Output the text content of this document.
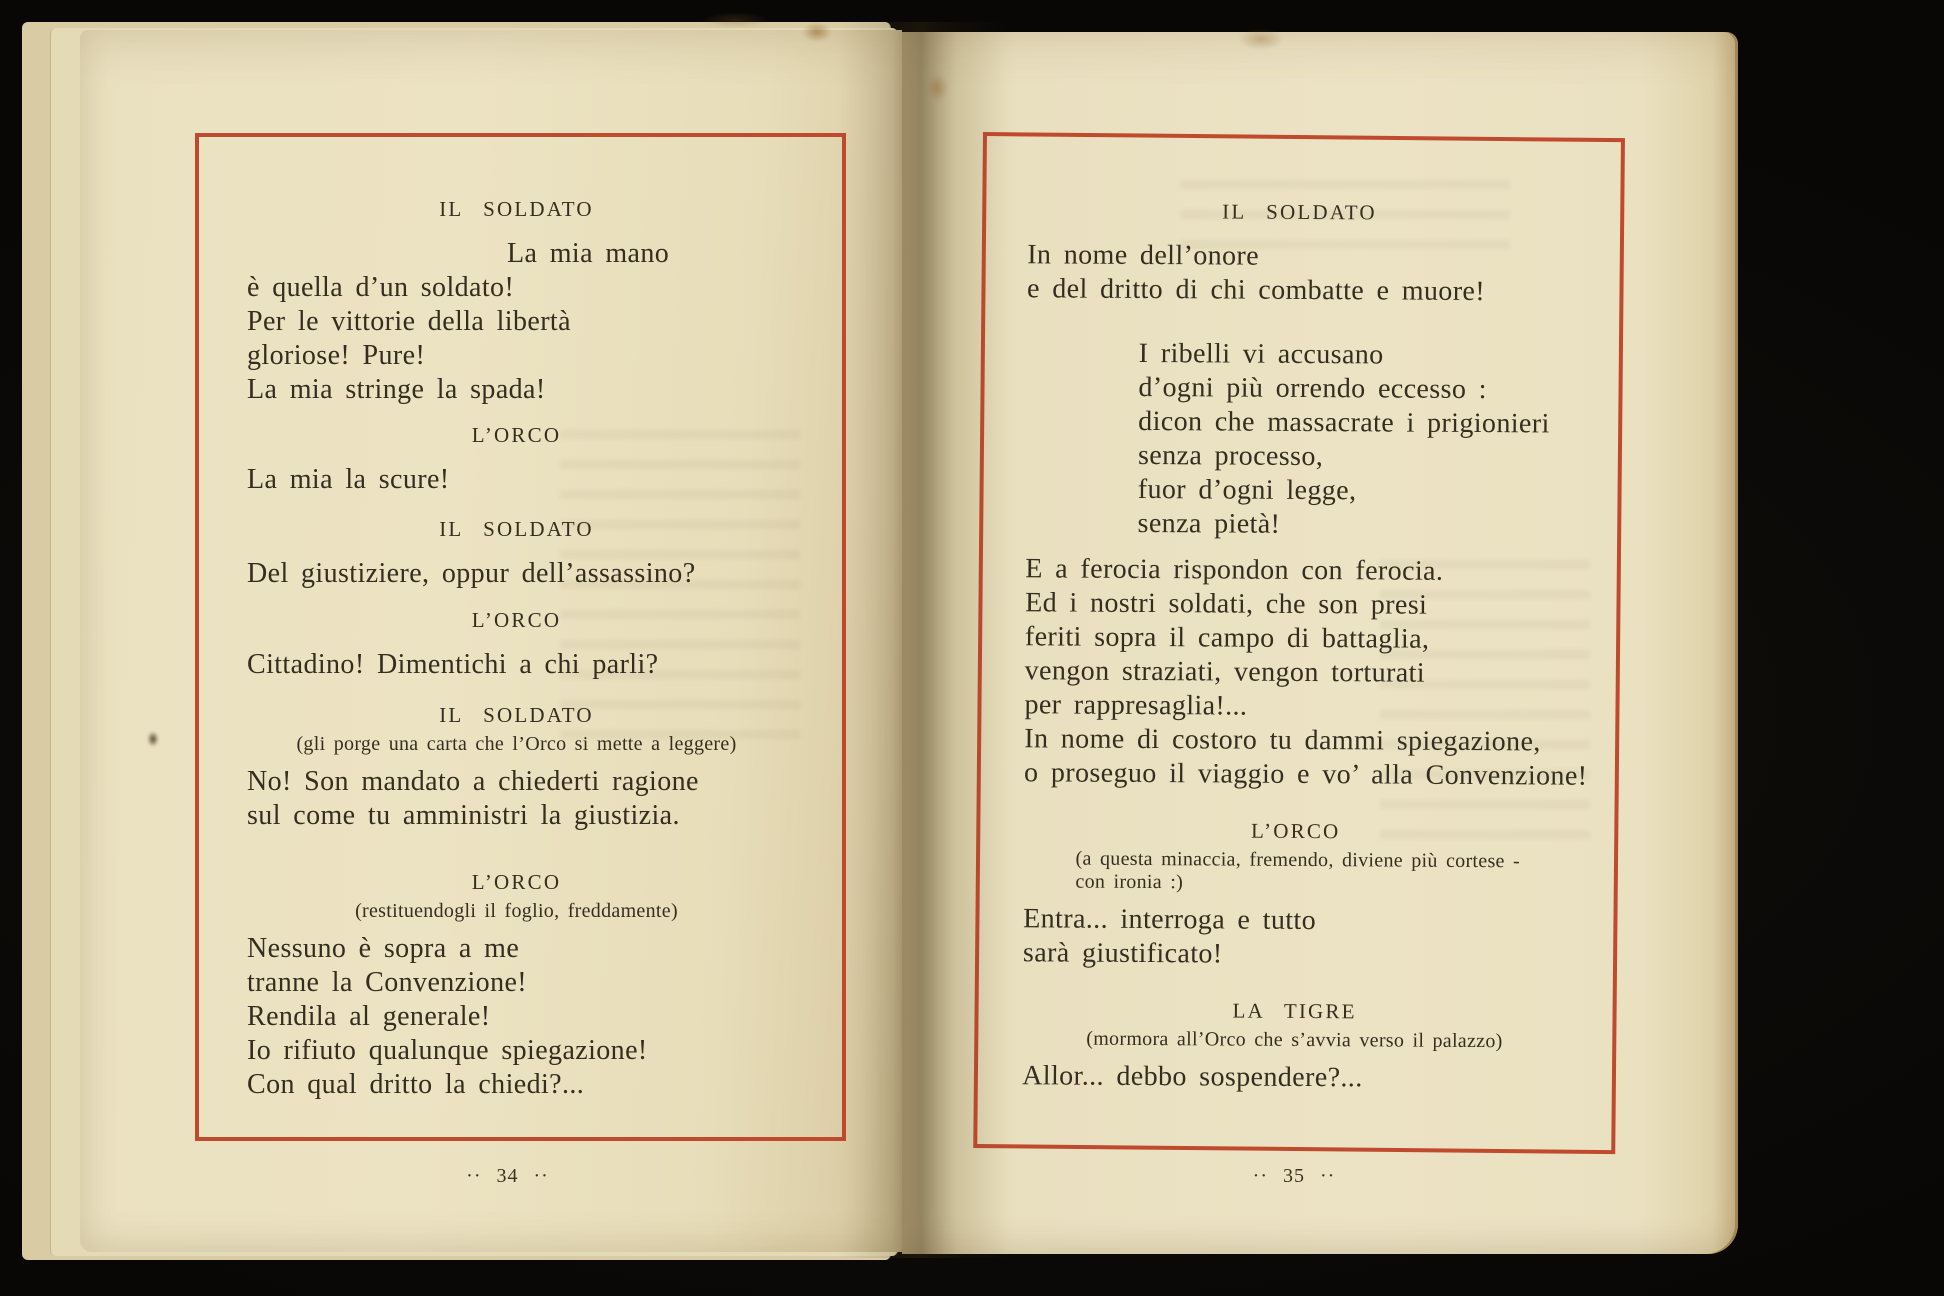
·· 34 ··	·· 35 ··
IL SOLDATO
La mia mano
è quella d’un soldato!
Per le vittorie della libertà
gloriose! Pure!
La mia stringe la spada!
L’ORCO
La mia la scure!
IL SOLDATO
Del giustiziere, oppur dell’assassino?
L’ORCO
Cittadino! Dimentichi a chi parli?
IL SOLDATO
(gli porge una carta che l’Orco si mette a leggere)
No! Son mandato a chiederti ragione
sul come tu amministri la giustizia.
L’ORCO
(restituendogli il foglio, freddamente)
Nessuno è sopra a me
tranne la Convenzione!
Rendila al generale!
Io rifiuto qualunque spiegazione!
Con qual dritto la chiedi?...
IL SOLDATO
In nome dell’onore
e del dritto di chi combatte e muore!
I ribelli vi accusano
d’ogni più orrendo eccesso :
dicon che massacrate i prigionieri
senza processo,
fuor d’ogni legge,
senza pietà!
E a ferocia rispondon con ferocia.
Ed i nostri soldati, che son presi
feriti sopra il campo di battaglia,
vengon straziati, vengon torturati
per rappresaglia!...
In nome di costoro tu dammi spiegazione,
o proseguo il viaggio e vo’ alla Convenzione!
L’ORCO
(a questa minaccia, fremendo, diviene più cortese -
con ironia :)
Entra... interroga e tutto
sarà giustificato!
LA TIGRE
(mormora all’Orco che s’avvia verso il palazzo)
Allor... debbo sospendere?...
